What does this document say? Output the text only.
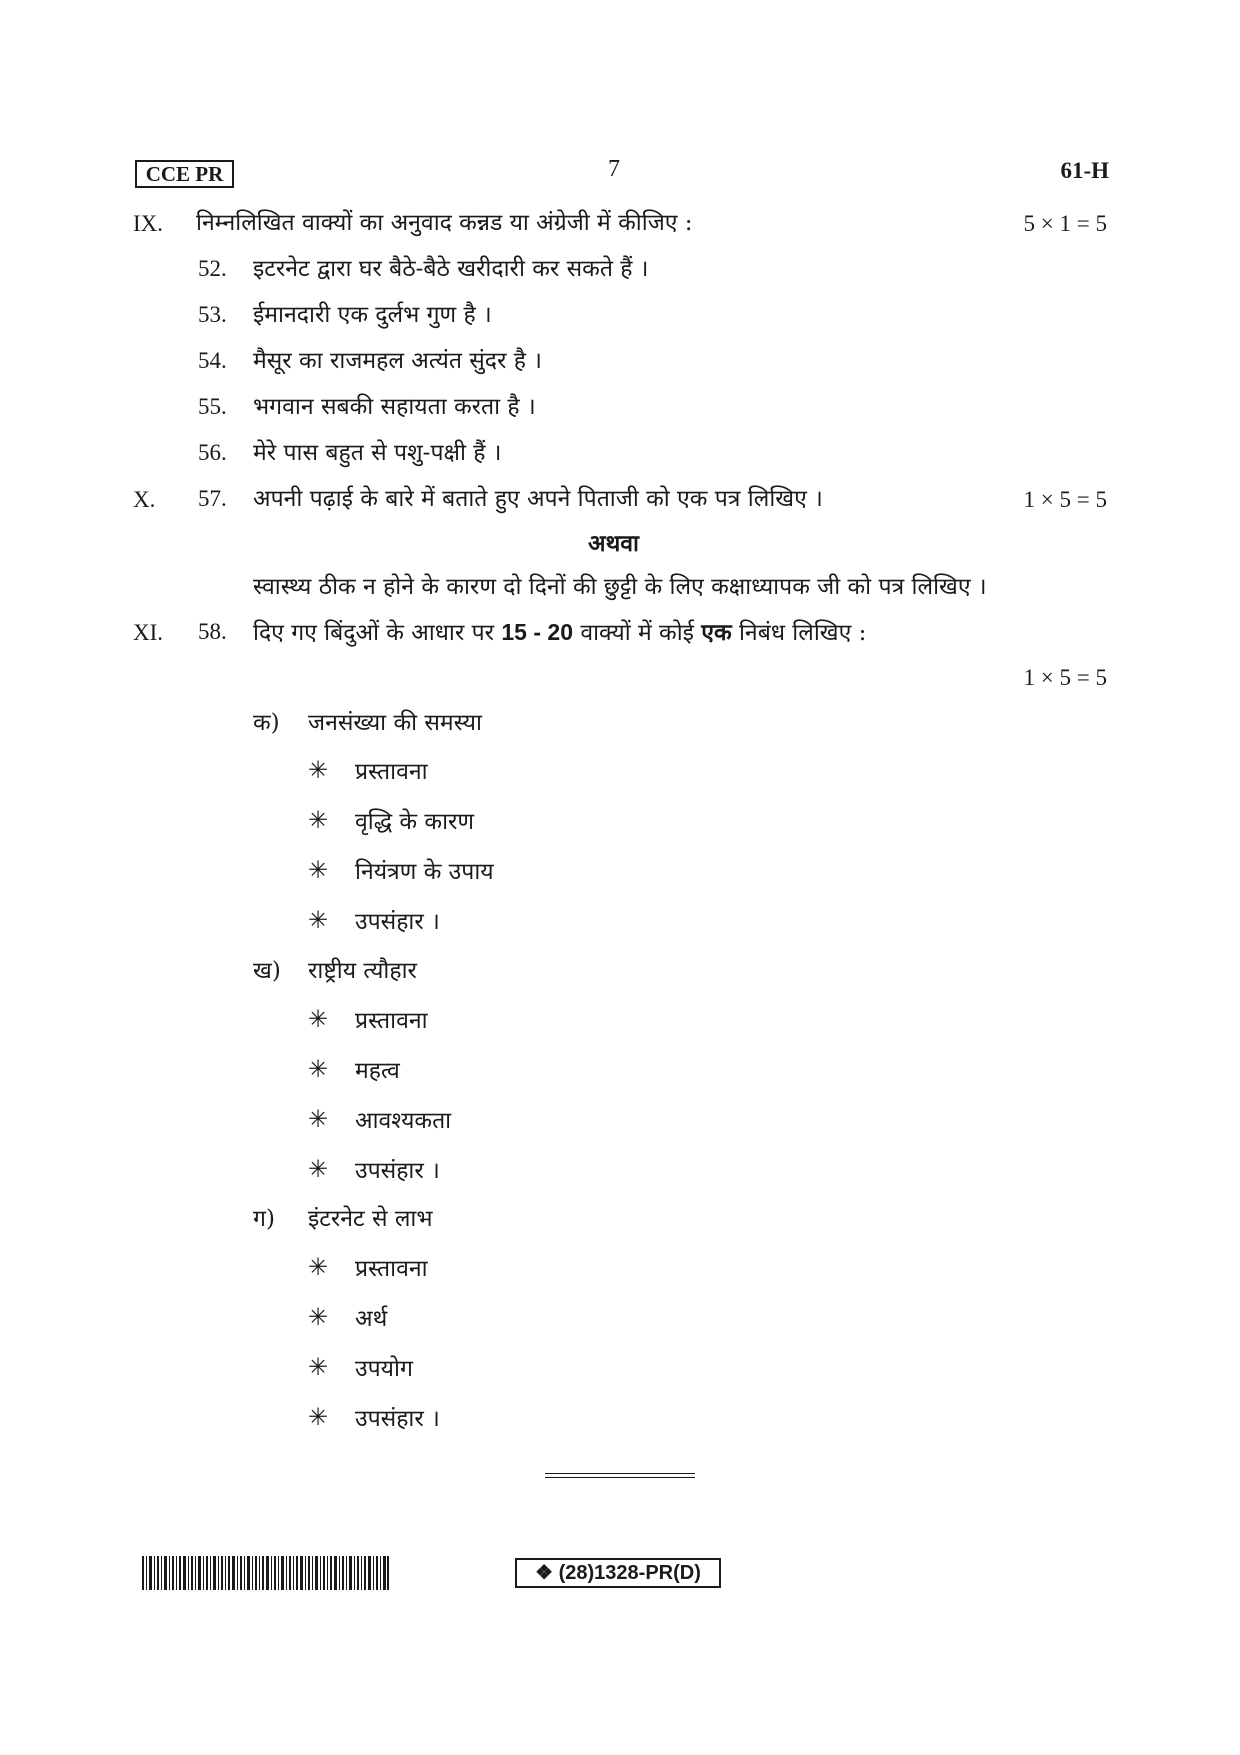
CCE PR	7	61-H
IX. निम्नलिखित वाक्यों का अनुवाद कन्नड या अंग्रेजी में कीजिए :	5 × 1 = 5
52. इटरनेट द्वारा घर बैठे-बैठे खरीदारी कर सकते हैं ।
53. ईमानदारी एक दुर्लभ गुण है ।
54. मैसूर का राजमहल अत्यंत सुंदर है ।
55. भगवान सबकी सहायता करता है ।
56. मेरे पास बहुत से पशु-पक्षी हैं ।
X. 57. अपनी पढ़ाई के बारे में बताते हुए अपने पिताजी को एक पत्र लिखिए ।	1 × 5 = 5
अथवा
स्वास्थ्य ठीक न होने के कारण दो दिनों की छुट्टी के लिए कक्षाध्यापक जी को पत्र लिखिए ।
XI. 58. दिए गए बिंदुओं के आधार पर 15 - 20 वाक्यों में कोई एक निबंध लिखिए :
1 × 5 = 5
क) जनसंख्या की समस्या
✳ प्रस्तावना
✳ वृद्धि के कारण
✳ नियंत्रण के उपाय
✳ उपसंहार ।
ख) राष्ट्रीय त्यौहार
✳ प्रस्तावना
✳ महत्व
✳ आवश्यकता
✳ उपसंहार ।
ग) इंटरनेट से लाभ
✳ प्रस्तावना
✳ अर्थ
✳ उपयोग
✳ उपसंहार ।
❖ (28)1328-PR(D)
